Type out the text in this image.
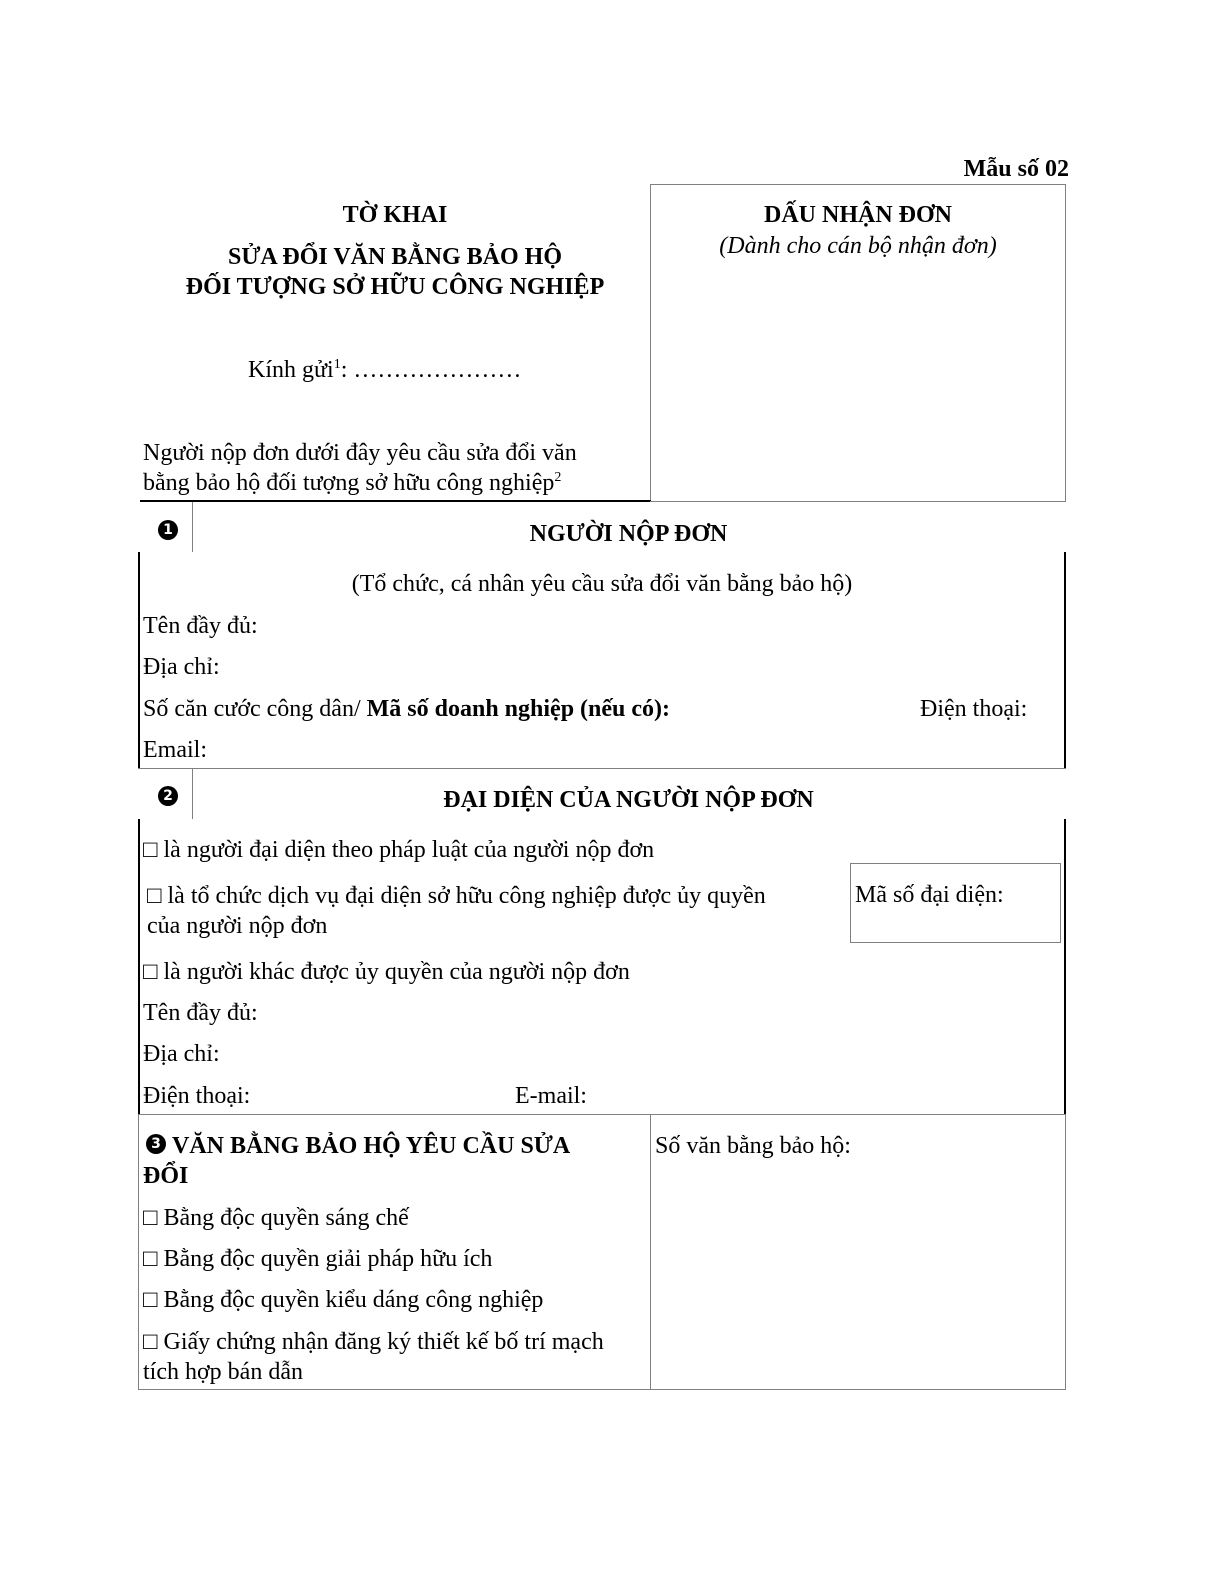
Mẫu số 02
TỜ KHAI
SỬA ĐỔI VĂN BẰNG BẢO HỘ
ĐỐI TƯỢNG SỞ HỮU CÔNG NGHIỆP
Kính gửi$^1$: …………………
Người nộp đơn dưới đây yêu cầu sửa đổi văn
bằng bảo hộ đối tượng sở hữu công nghiệp$^2$
DẤU NHẬN ĐƠN
(Dành cho cán bộ nhận đơn)
1	NGƯỜI NỘP ĐƠN
(Tổ chức, cá nhân yêu cầu sửa đổi văn bằng bảo hộ)
Tên đầy đủ:
Địa chỉ:
Số căn cước công dân/ Mã số doanh nghiệp (nếu có):	Điện thoại:
Email:
2	ĐẠI DIỆN CỦA NGƯỜI NỘP ĐƠN
□ là người đại diện theo pháp luật của người nộp đơn
□ là tổ chức dịch vụ đại diện sở hữu công nghiệp được ủy quyền
của người nộp đơn
Mã số đại diện:
□ là người khác được ủy quyền của người nộp đơn
Tên đầy đủ:
Địa chỉ:
Điện thoại:	E-mail:
3 VĂN BẰNG BẢO HỘ YÊU CẦU SỬA
ĐỔI
□ Bằng độc quyền sáng chế
□ Bằng độc quyền giải pháp hữu ích
□ Bằng độc quyền kiểu dáng công nghiệp
□ Giấy chứng nhận đăng ký thiết kế bố trí mạch
tích hợp bán dẫn
Số văn bằng bảo hộ:
